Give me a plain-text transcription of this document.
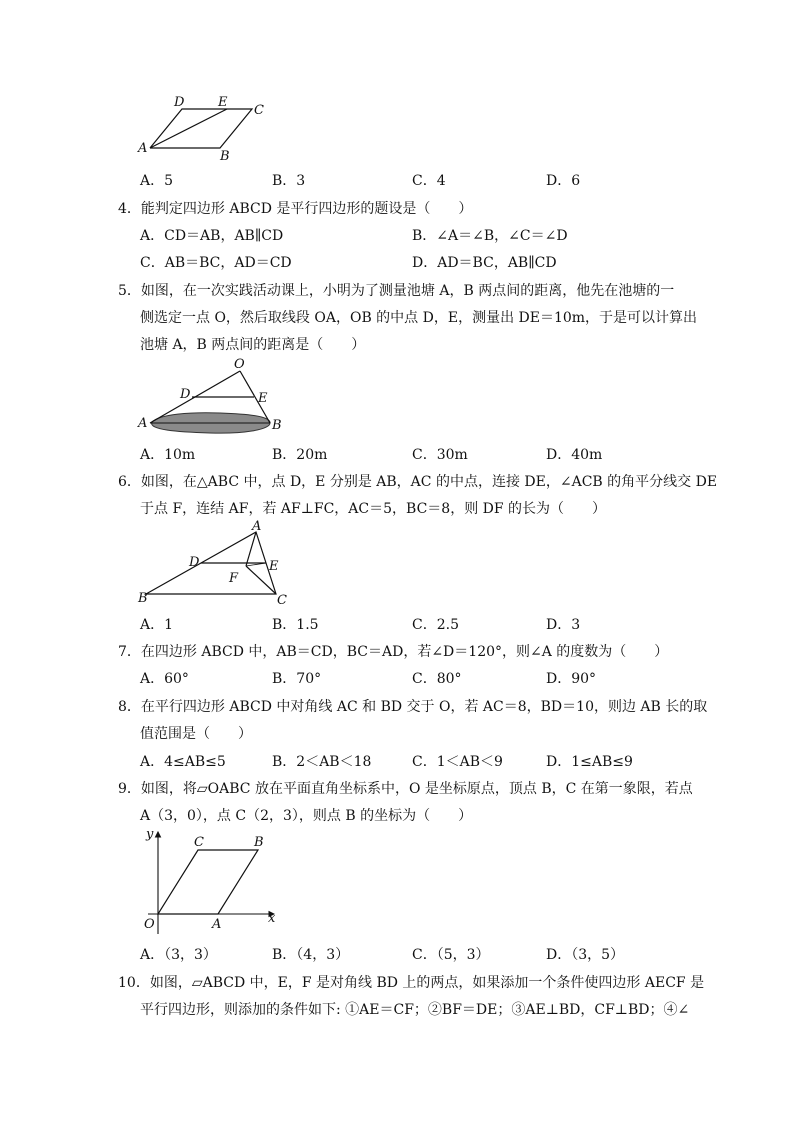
D	E
C
A
B
A．5	B．3	C．4	D．6
4．能判定四边形 ABCD 是平行四边形的题设是（　　）
A．CD＝AB，AB∥CD	B．∠A＝∠B，∠C＝∠D
C．AB＝BC，AD＝CD	D．AD＝BC，AB∥CD
5．如图，在一次实践活动课上，小明为了测量池塘 A，B 两点间的距离，他先在池塘的一
侧选定一点 O，然后取线段 OA，OB 的中点 D，E，测量出 DE＝10m，于是可以计算出
池塘 A，B 两点间的距离是（　　）
O
D	E
A	B
A．10m	B．20m	C．30m	D．40m
6．如图，在△ABC 中，点 D，E 分别是 AB，AC 的中点，连接 DE，∠ACB 的角平分线交 DE
于点 F，连结 AF，若 AF⊥FC，AC＝5，BC＝8，则 DF 的长为（　　）
A
D	E
F
B	C
A．1	B．1.5	C．2.5	D．3
7．在四边形 ABCD 中，AB＝CD，BC＝AD，若∠D＝120°，则∠A 的度数为（　　）
A．60°	B．70°	C．80°	D．90°
8．在平行四边形 ABCD 中对角线 AC 和 BD 交于 O，若 AC＝8，BD＝10，则边 AB 长的取
值范围是（　　）
A．4≤AB≤5	B．2＜AB＜18	C．1＜AB＜9	D．1≤AB≤9
9．如图，将▱OABC 放在平面直角坐标系中，O 是坐标原点，顶点 B，C 在第一象限，若点
A（3，0），点 C（2，3），则点 B 的坐标为（　　）
y
x
O	A
C	B
A．（3，3）	B．（4，3）	C．（5，3）	D．（3，5）
10．如图，▱ABCD 中，E，F 是对角线 BD 上的两点，如果添加一个条件使四边形 AECF 是
平行四边形，则添加的条件如下: ①AE＝CF；②BF＝DE；③AE⊥BD，CF⊥BD；④∠
